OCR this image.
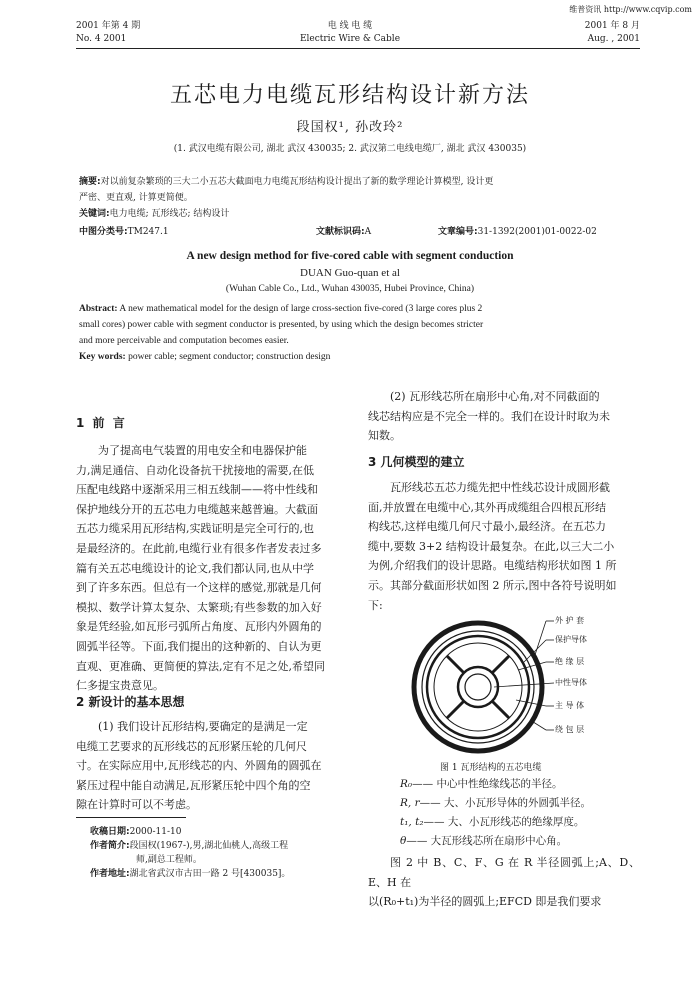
维普资讯 http://www.cqvip.com
2001 年第 4 期
No. 4 2001
电 线 电 缆
Electric Wire & Cable
2001 年 8 月
Aug. , 2001
五芯电力电缆瓦形结构设计新方法
段国权¹, 孙改玲²
(1. 武汉电缆有限公司, 湖北 武汉 430035; 2. 武汉第二电线电缆厂, 湖北 武汉 430035)
摘要:对以前复杂繁琐的三大二小五芯大截面电力电缆瓦形结构设计提出了新的数学理论计算模型, 设计更
严密、更直观, 计算更简便。
关键词:电力电缆; 瓦形线芯; 结构设计
中图分类号:TM247.1	文献标识码:A	文章编号:31-1392(2001)01-0022-02
A new design method for five-cored cable with segment conduction
DUAN Guo-quan et al
(Wuhan Cable Co., Ltd., Wuhan 430035, Hubei Province, China)
Abstract: A new mathematical model for the design of large cross-section five-cored (3 large cores plus 2
small cores) power cable with segment conductor is presented, by using which the design becomes stricter
and more perceivable and computation becomes easier.
Key words: power cable; segment conductor; construction design
1 前 言
为了提高电气装置的用电安全和电器保护能
力,满足通信、自动化设备抗干扰接地的需要,在低
压配电线路中逐渐采用三相五线制——将中性线和
保护地线分开的五芯电力电缆越来越普遍。大截面
五芯力缆采用瓦形结构,实践证明是完全可行的,也
是最经济的。在此前,电缆行业有很多作者发表过多
篇有关五芯电缆设计的论文,我们都认同,也从中学
到了许多东西。但总有一个这样的感觉,那就是几何
模拟、数学计算太复杂、太繁琐;有些参数的加入好
象是凭经验,如瓦形弓弧所占角度、瓦形内外圆角的
圆弧半径等。下面,我们提出的这种新的、自认为更
直观、更准确、更简便的算法,定有不足之处,希望同
仁多提宝贵意见。
2 新设计的基本思想
(1) 我们设计瓦形结构,要确定的是满足一定
电缆工艺要求的瓦形线芯的瓦形紧压轮的几何尺
寸。在实际应用中,瓦形线芯的内、外圆角的圆弧在
紧压过程中能自动满足,瓦形紧压轮中四个角的空
隙在计算时可以不考虑。
收稿日期:2000-11-10
作者简介:段国权(1967-),男,湖北仙桃人,高级工程
师,副总工程师。
作者地址:湖北省武汉市古田一路 2 号[430035]。
(2) 瓦形线芯所在扇形中心角,对不同截面的
线芯结构应是不完全一样的。我们在设计时取为未
知数。
3 几何模型的建立
瓦形线芯五芯力缆先把中性线芯设计成圆形截
面,并放置在电缆中心,其外再成缆组合四根瓦形结
构线芯,这样电缆几何尺寸最小,最经济。在五芯力
缆中,要数 3+2 结构设计最复杂。在此,以三大二小
为例,介绍我们的设计思路。电缆结构形状如图 1 所
示。其部分截面形状如图 2 所示,图中各符号说明如
下:
外 护 套
保护导体
绝 缘 层
中性导体
主 导 体
绕 包 层
图 1 瓦形结构的五芯电缆
R₀—— 中心中性绝缘线芯的半径。
R, r—— 大、小瓦形导体的外圆弧半径。
t₁, t₂—— 大、小瓦形线芯的绝缘厚度。
θ—— 大瓦形线芯所在扇形中心角。
图 2 中 B、C、F、G 在 R 半径圆弧上;A、D、E、H 在
以(R₀+t₁)为半径的圆弧上;EFCD 即是我们要求
